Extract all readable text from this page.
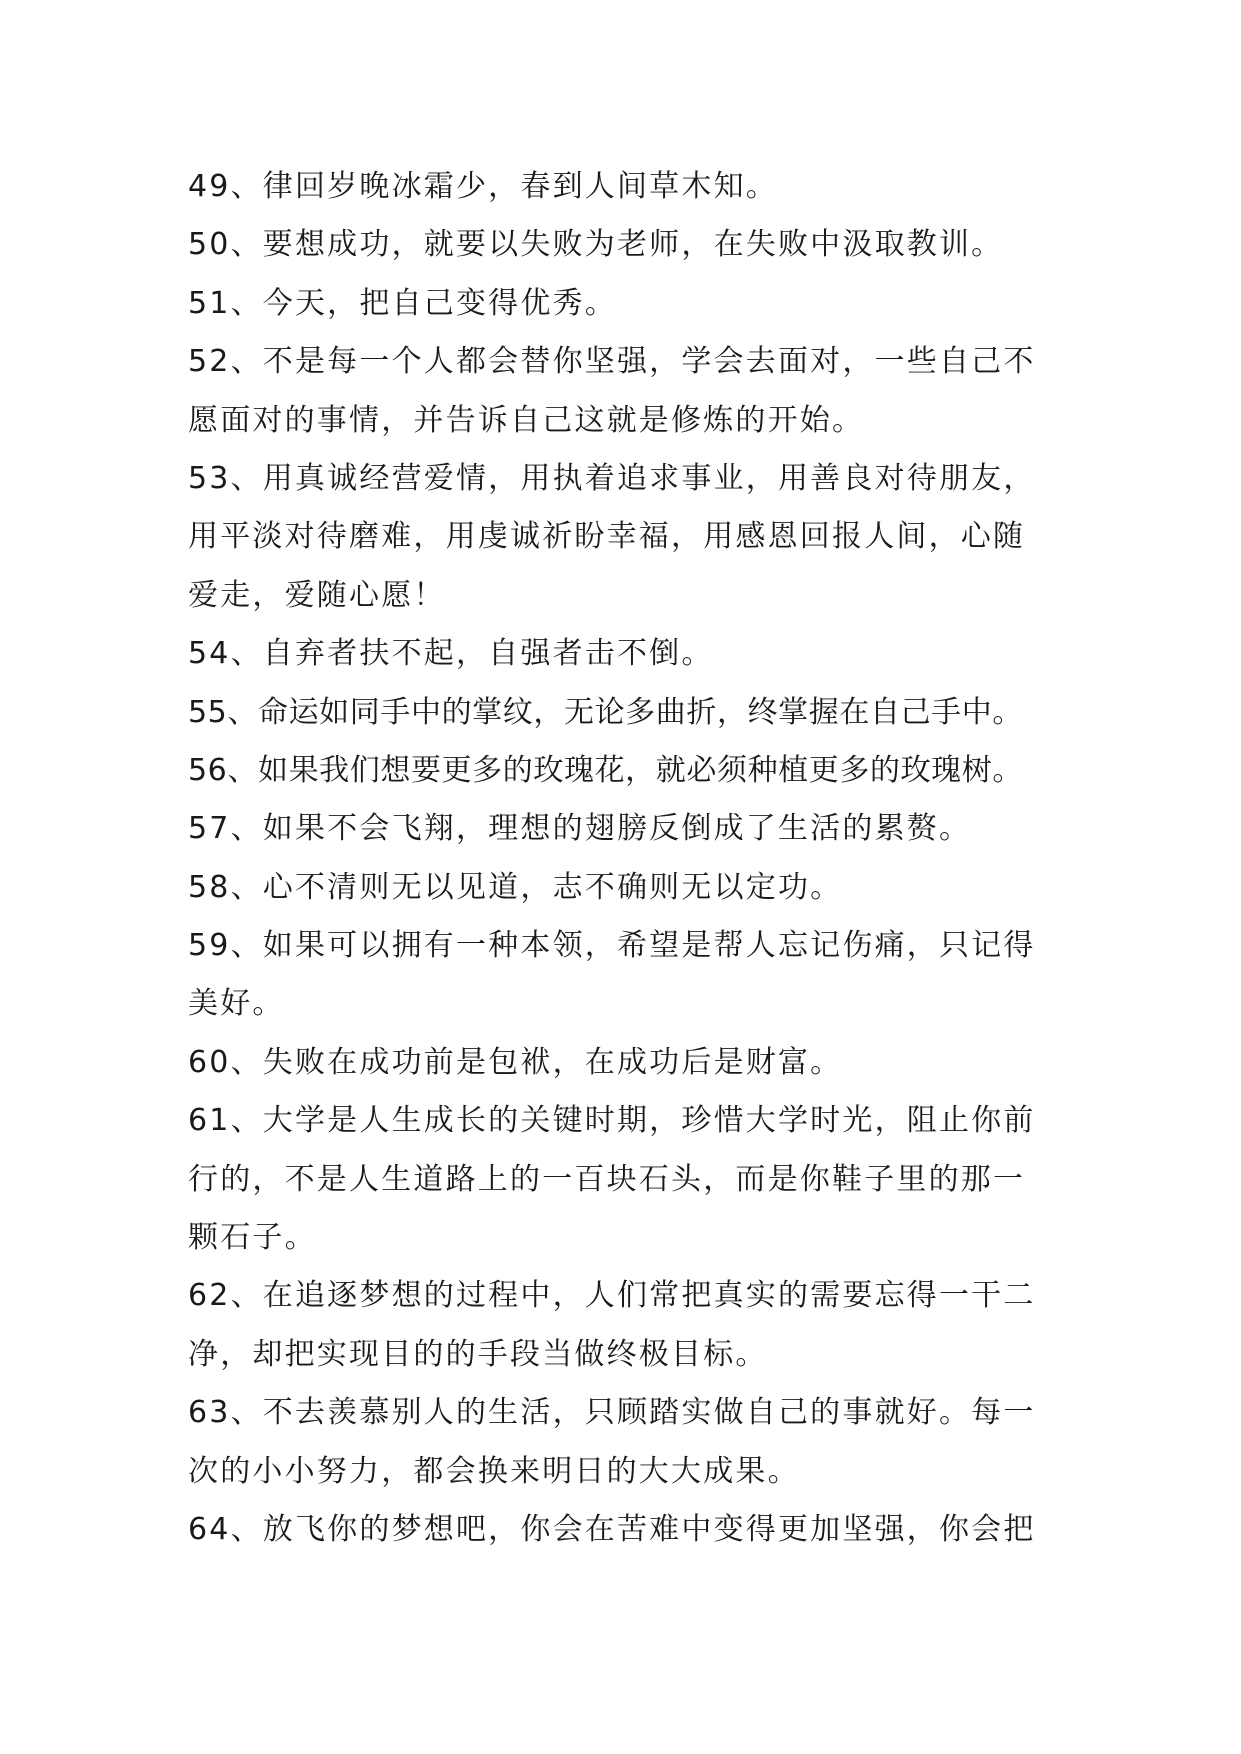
49、律回岁晚冰霜少，春到人间草木知。
50、要想成功，就要以失败为老师，在失败中汲取教训。
51、今天，把自己变得优秀。
52、不是每一个人都会替你坚强，学会去面对，一些自己不
愿面对的事情，并告诉自己这就是修炼的开始。
53、用真诚经营爱情，用执着追求事业，用善良对待朋友，
用平淡对待磨难，用虔诚祈盼幸福，用感恩回报人间，心随
爱走，爱随心愿！
54、自弃者扶不起，自强者击不倒。
55、命运如同手中的掌纹，无论多曲折，终掌握在自己手中。
56、如果我们想要更多的玫瑰花，就必须种植更多的玫瑰树。
57、如果不会飞翔，理想的翅膀反倒成了生活的累赘。
58、心不清则无以见道，志不确则无以定功。
59、如果可以拥有一种本领，希望是帮人忘记伤痛，只记得
美好。
60、失败在成功前是包袱，在成功后是财富。
61、大学是人生成长的关键时期，珍惜大学时光，阻止你前
行的，不是人生道路上的一百块石头，而是你鞋子里的那一
颗石子。
62、在追逐梦想的过程中，人们常把真实的需要忘得一干二
净，却把实现目的的手段当做终极目标。
63、不去羡慕别人的生活，只顾踏实做自己的事就好。每一
次的小小努力，都会换来明日的大大成果。
64、放飞你的梦想吧，你会在苦难中变得更加坚强，你会把
